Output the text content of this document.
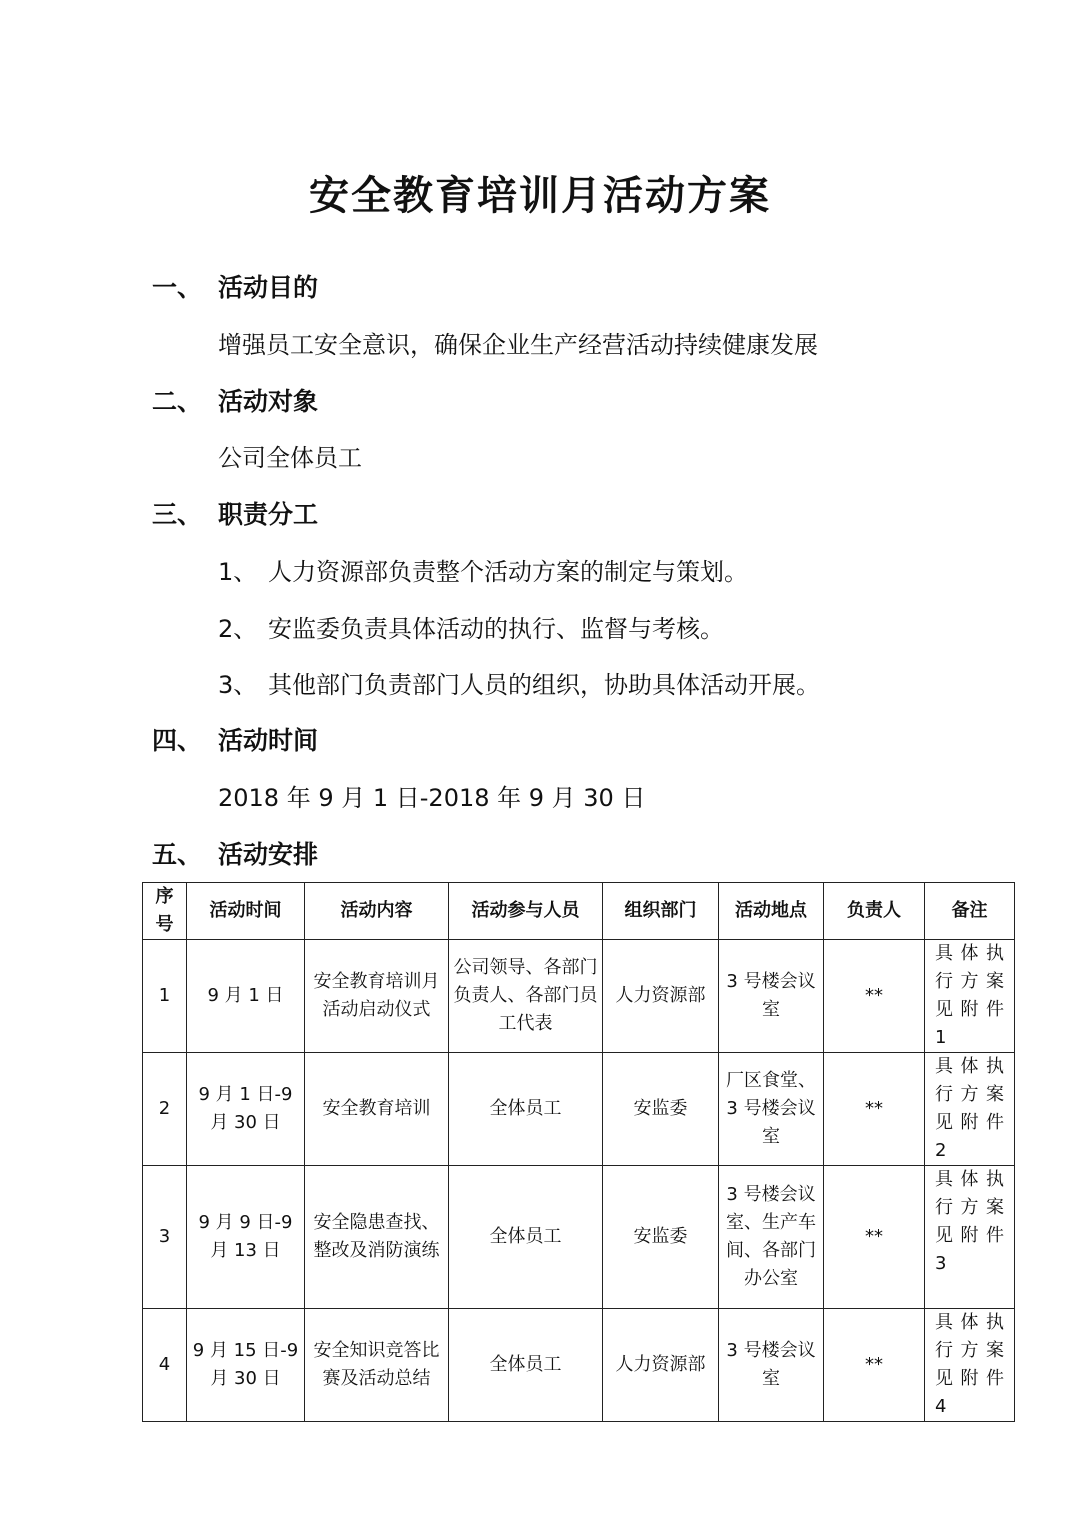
安全教育培训月活动方案
一、 活动目的
增强员工安全意识，确保企业生产经营活动持续健康发展
二、 活动对象
公司全体员工
三、 职责分工
1、 人力资源部负责整个活动方案的制定与策划。
2、 安监委负责具体活动的执行、监督与考核。
3、 其他部门负责部门人员的组织，协助具体活动开展。
四、 活动时间
2018 年 9 月 1 日-2018 年 9 月 30 日
五、 活动安排
序号	活动时间	活动内容	活动参与人员	组织部门	活动地点	负责人	备注
1	9 月 1 日	安全教育培训月活动启动仪式	公司领导、各部门负责人、各部门员工代表	人力资源部	3 号楼会议室	**	具体执行方案见附件 1
2	9 月 1 日-9 月 30 日	安全教育培训	全体员工	安监委	厂区食堂、3 号楼会议室	**	具体执行方案见附件 2
3	9 月 9 日-9 月 13 日	安全隐患查找、整改及消防演练	全体员工	安监委	3 号楼会议室、生产车间、各部门办公室	**	具体执行方案见附件 3
4	9 月 15 日-9 月 30 日	安全知识竞答比赛及活动总结	全体员工	人力资源部	3 号楼会议室	**	具体执行方案见附件 4
